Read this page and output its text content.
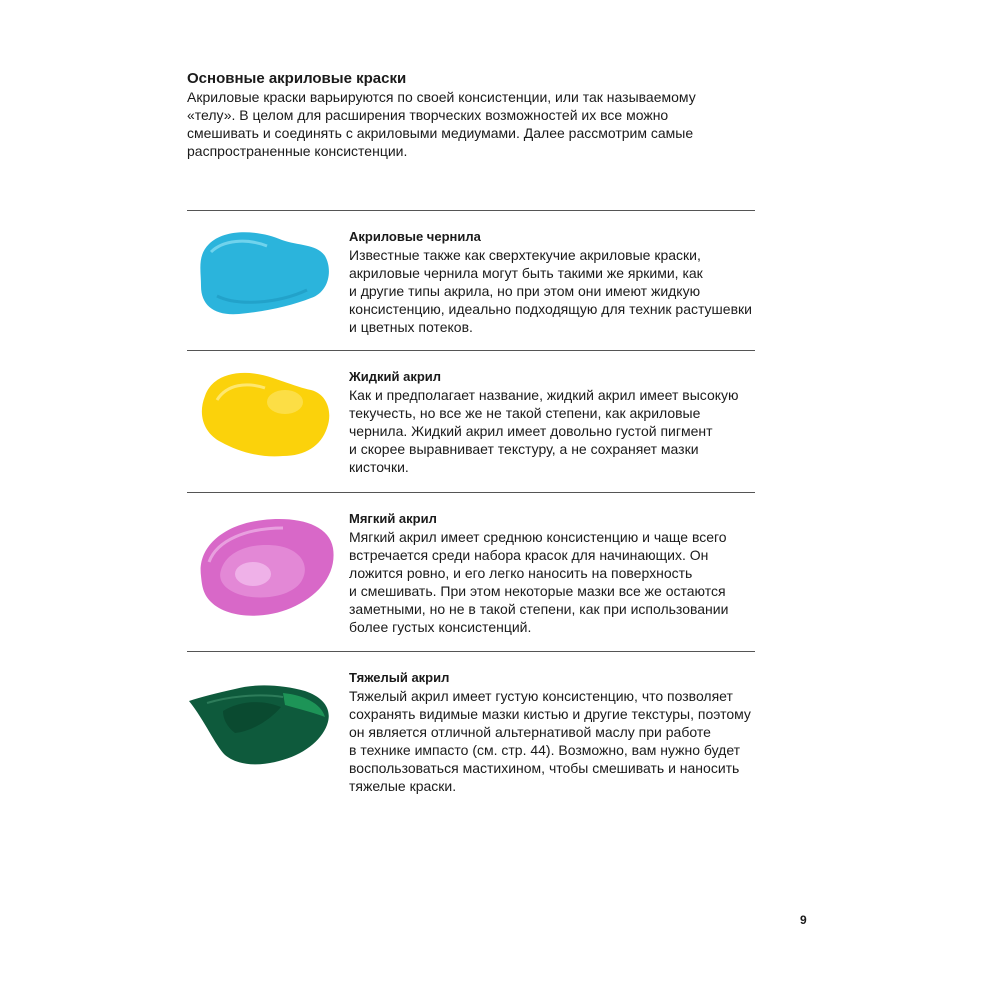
Основные акриловые краски

Акриловые краски варьируются по своей консистенции, или так называемому
«телу». В целом для расширения творческих возможностей их все можно
смешивать и соединять с акриловыми медиумами. Далее рассмотрим самые
распространенные консистенции.

Акриловые чернила

Известные также как сверхтекучие акриловые краски,
акриловые чернила могут быть такими же яркими, как
и другие типы акрила, но при этом они имеют жидкую
консистенцию, идеально подходящую для техник растушевки
и цветных потеков.

Жидкий акрил

Как и предполагает название, жидкий акрил имеет высокую
текучесть, но все же не такой степени, как акриловые
чернила. Жидкий акрил имеет довольно густой пигмент
и скорее выравнивает текстуру, а не сохраняет мазки
кисточки.

Мягкий акрил

Мягкий акрил имеет среднюю консистенцию и чаще всего
встречается среди набора красок для начинающих. Он
ложится ровно, и его легко наносить на поверхность
и смешивать. При этом некоторые мазки все же остаются
заметными, но не в такой степени, как при использовании
более густых консистенций.

Тяжелый акрил

Тяжелый акрил имеет густую консистенцию, что позволяет
сохранять видимые мазки кистью и другие текстуры, поэтому
он является отличной альтернативой маслу при работе
в технике импасто (см. стр. 44). Возможно, вам нужно будет
воспользоваться мастихином, чтобы смешивать и наносить
тяжелые краски.

9
